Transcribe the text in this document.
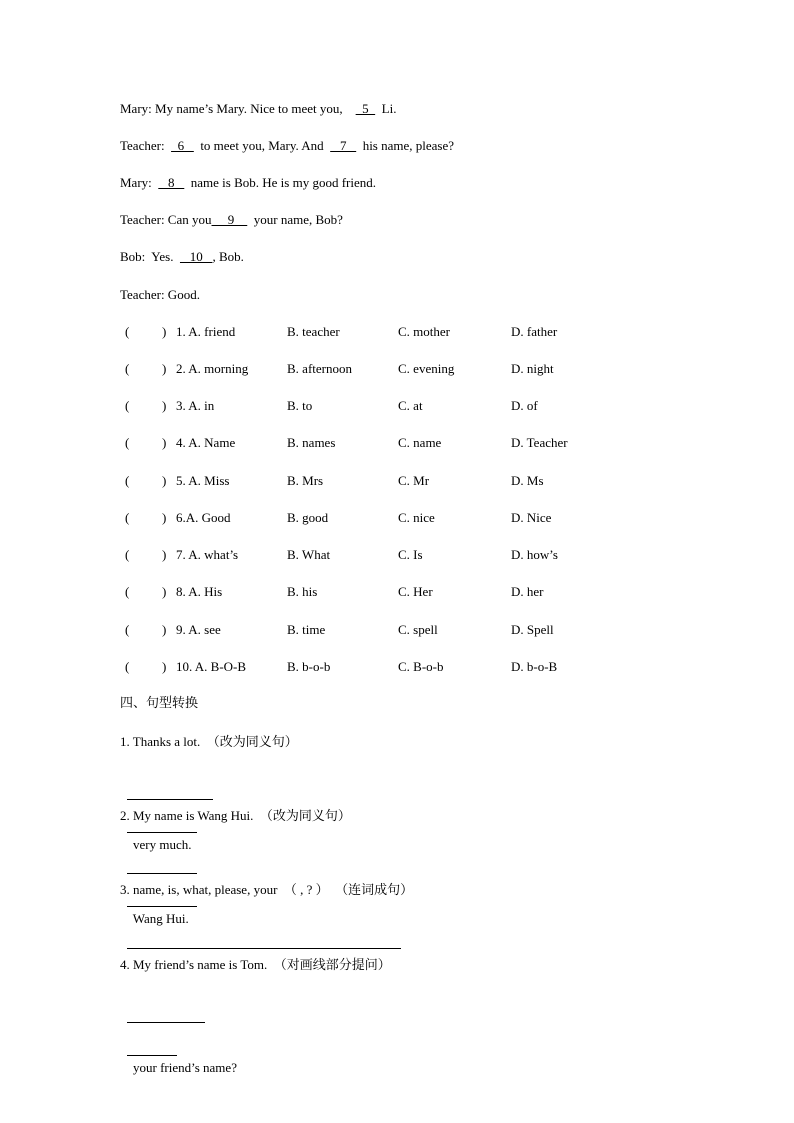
Mary: My name’s Mary. Nice to meet you,      5    Li.
Teacher:    6     to meet you, Mary. And     7     his name, please?
Mary:     8     name is Bob. He is my good friend.
Teacher: Can you     9      your name, Bob?
Bob:  Yes.     10   , Bob.
Teacher: Good.
(	) 1. A. friend	B. teacher	C. mother	D. father
(	) 2. A. morning	B. afternoon	C. evening	D. night
(	) 3. A. in	B. to	C. at	D. of
(	) 4. A. Name	B. names	C. name	D. Teacher
(	) 5. A. Miss	B. Mrs	C. Mr	D. Ms
(	) 6.A. Good	B. good	C. nice	D. Nice
(	) 7. A. what’s	B. What	C. Is	D. how’s
(	) 8. A. His	B. his	C. Her	D. her
(	) 9. A. see	B. time	C. spell	D. Spell
(	) 10. A. B-O-B	B. b-o-b	C. B-o-b	D. b-o-B
四、句型转换
1. Thanks a lot.  （改为同义句）

very much.

2. My name is Wang Hui.  （改为同义句）

Wang Hui.

3. name, is, what, please, your  （ , ? ）  （连词成句）

4. My friend’s name is Tom.  （对画线部分提问）

your friend’s name?
